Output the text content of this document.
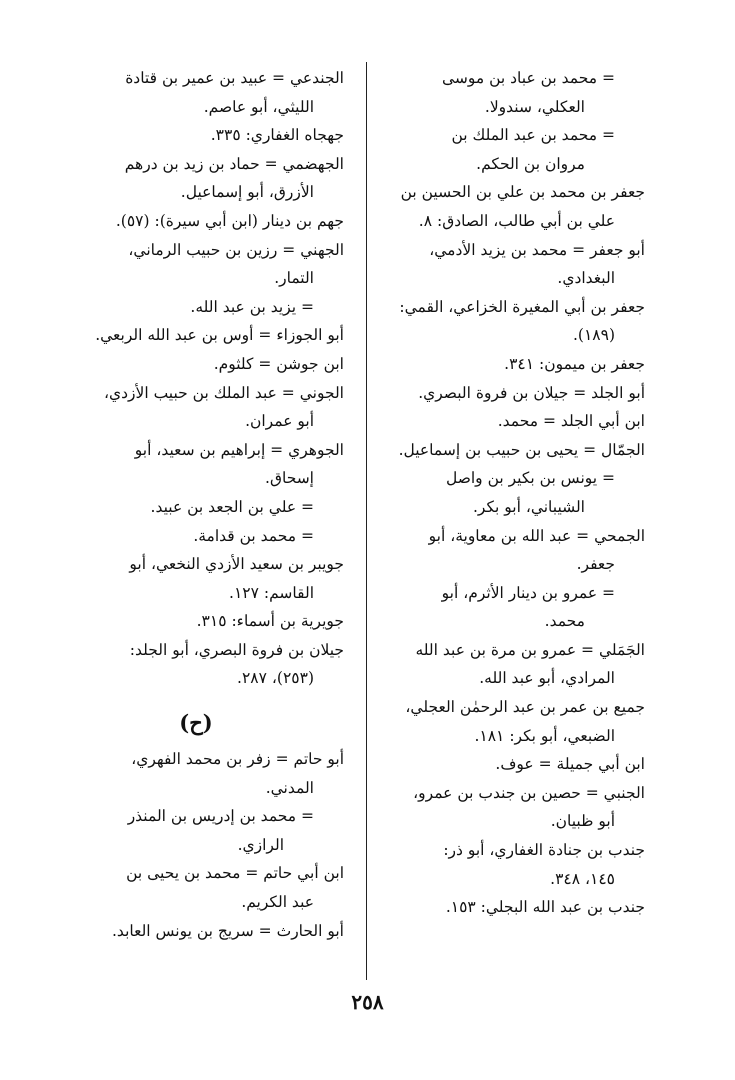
= محمد بن عباد بن موسى
العكلي، سندولا.

= محمد بن عبد الملك بن
مروان بن الحكم.

جعفر بن محمد بن علي بن الحسين بن
علي بن أبي طالب، الصادق: ٨.

أبو جعفر = محمد بن يزيد الأدمي،
البغدادي.

جعفر بن أبي المغيرة الخزاعي، القمي:
(١٨٩).

جعفر بن ميمون: ٣٤١.

أبو الجلد = جيلان بن فروة البصري.

ابن أبي الجلد = محمد.

الجمّال = يحيى بن حبيب بن إسماعيل.

= يونس بن بكير بن واصل
الشيباني، أبو بكر.

الجمحي = عبد الله بن معاوية، أبو
جعفر.

= عمرو بن دينار الأثرم، أبو
محمد.

الجَمَلي = عمرو بن مرة بن عبد الله
المرادي، أبو عبد الله.

جميع بن عمر بن عبد الرحمٰن العجلي،
الضبعي، أبو بكر: ١٨١.

ابن أبي جميلة = عوف.

الجنبي = حصين بن جندب بن عمرو،
أبو ظبيان.

جندب بن جنادة الغفاري، أبو ذر:
١٤٥، ٣٤٨.

جندب بن عبد الله البجلي: ١٥٣.

الجندعي = عبيد بن عمير بن قتادة
الليثي، أبو عاصم.

جهجاه الغفاري: ٣٣٥.

الجهضمي = حماد بن زيد بن درهم
الأزرق، أبو إسماعيل.

جهم بن دينار (ابن أبي سيرة): (٥٧).

الجهني = رزين بن حبيب الرماني،
التمار.

= يزيد بن عبد الله.

أبو الجوزاء = أوس بن عبد الله الربعي.

ابن جوشن = كلثوم.

الجوني = عبد الملك بن حبيب الأزدي،
أبو عمران.

الجوهري = إبراهيم بن سعيد، أبو
إسحاق.

= علي بن الجعد بن عبيد.

= محمد بن قدامة.

جويبر بن سعيد الأزدي النخعي، أبو
القاسم: ١٢٧.

جويرية بن أسماء: ٣١٥.

جيلان بن فروة البصري، أبو الجلد:
(٢٥٣)، ٢٨٧.

(ح)

أبو حاتم = زفر بن محمد الفهري،
المدني.

= محمد بن إدريس بن المنذر
الرازي.

ابن أبي حاتم = محمد بن يحيى بن
عبد الكريم.

أبو الحارث = سريج بن يونس العابد.

٢٥٨
